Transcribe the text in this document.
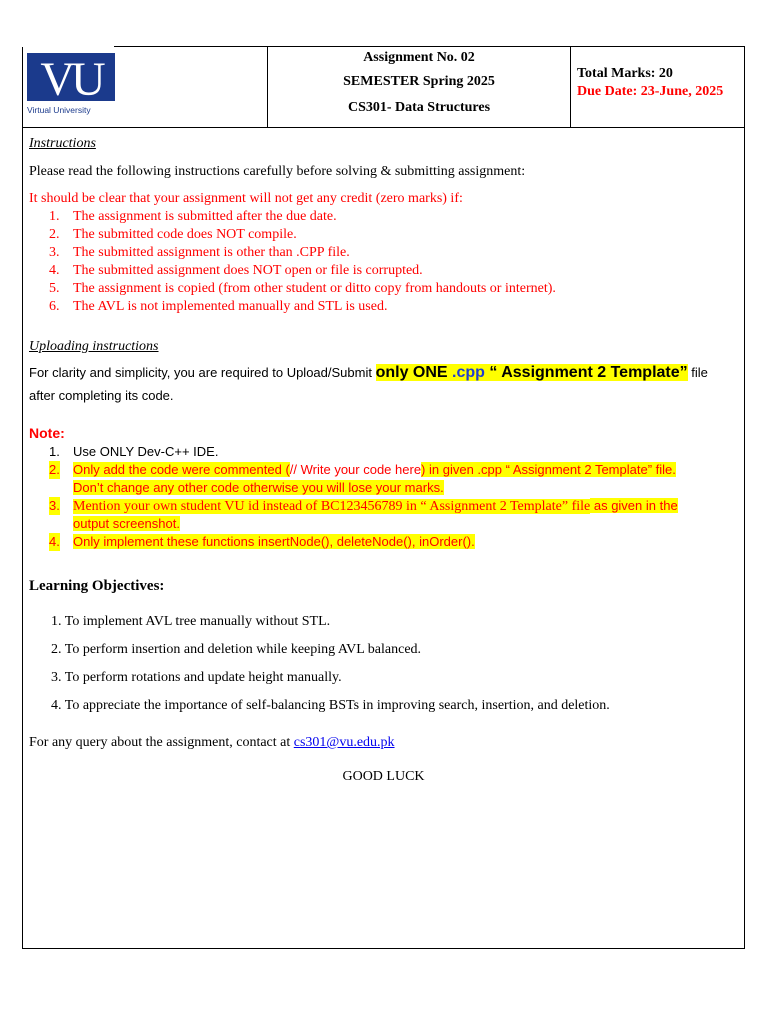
VU
Virtual University
Assignment No. 02
SEMESTER Spring 2025
CS301- Data Structures
Total Marks: 20
Due Date: 23-June, 2025
Instructions
Please read the following instructions carefully before solving & submitting assignment:
It should be clear that your assignment will not get any credit (zero marks) if:
1. The assignment is submitted after the due date.
2. The submitted code does NOT compile.
3. The submitted assignment is other than .CPP file.
4. The submitted assignment does NOT open or file is corrupted.
5. The assignment is copied (from other student or ditto copy from handouts or internet).
6. The AVL is not implemented manually and STL is used.
Uploading instructions
For clarity and simplicity, you are required to Upload/Submit only ONE .cpp “ Assignment 2 Template” file
after completing its code.
Note:
1. Use ONLY Dev-C++ IDE.
2. Only add the code were commented (// Write your code here) in given .cpp “ Assignment 2 Template” file.
Don’t change any other code otherwise you will lose your marks.
3. Mention your own student VU id instead of BC123456789 in “ Assignment 2 Template” file as given in the
output screenshot.
4. Only implement these functions insertNode(), deleteNode(), inOrder().
Learning Objectives:
1. To implement AVL tree manually without STL.
2. To perform insertion and deletion while keeping AVL balanced.
3. To perform rotations and update height manually.
4. To appreciate the importance of self-balancing BSTs in improving search, insertion, and deletion.
For any query about the assignment, contact at cs301@vu.edu.pk
GOOD LUCK
